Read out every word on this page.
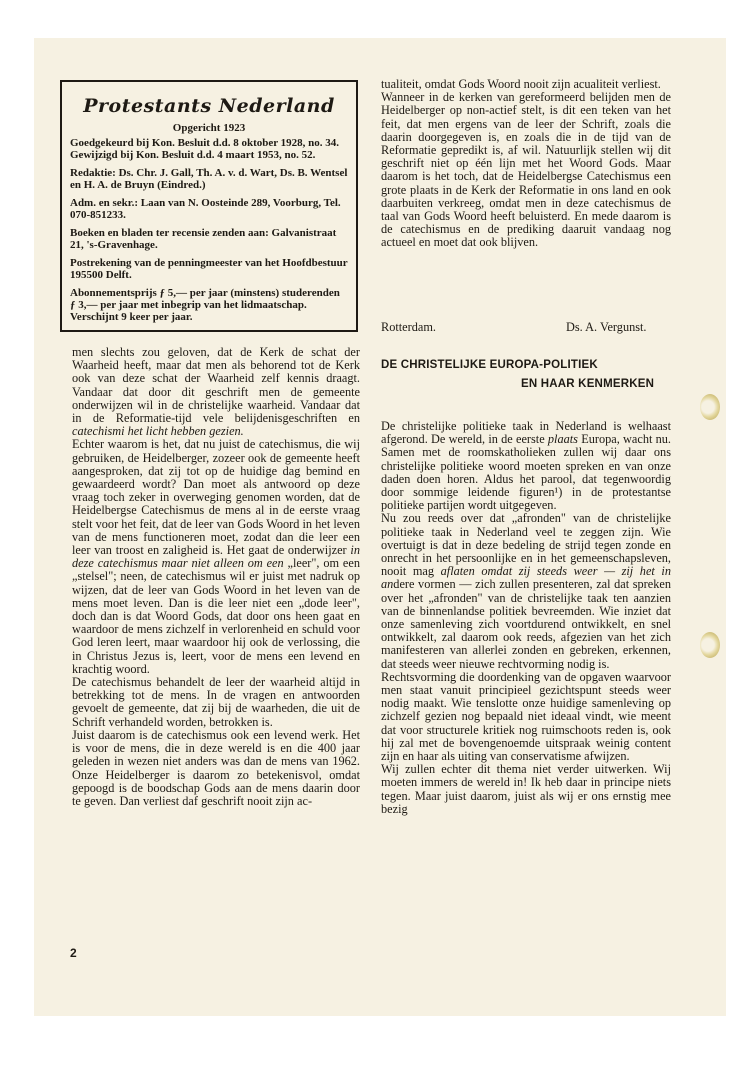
Protestants Nederland
Opgericht 1923
Goedgekeurd bij Kon. Besluit d.d. 8 oktober 1928, no. 34. Gewijzigd bij Kon. Besluit d.d. 4 maart 1953, no. 52.
Redaktie: Ds. Chr. J. Gall, Th. A. v. d. Wart, Ds. B. Wentsel en H. A. de Bruyn (Eindred.)
Adm. en sekr.: Laan van N. Oosteinde 289, Voorburg, Tel. 070-851233.
Boeken en bladen ter recensie zenden aan: Galvanistraat 21, 's-Gravenhage.
Postrekening van de penningmeester van het Hoofdbestuur 195500 Delft.
Abonnementsprijs ƒ 5,— per jaar (minstens) studerenden ƒ 3,— per jaar met inbegrip van het lidmaatschap. Verschijnt 9 keer per jaar.

men slechts zou geloven, dat de Kerk de schat der Waarheid heeft, maar dat men als behorend tot de Kerk ook van deze schat der Waarheid zelf kennis draagt. Vandaar dat door dit geschrift men de gemeente onderwijzen wil in de christelijke waarheid. Vandaar dat in de Reformatie-tijd vele belijdenisgeschriften en catechismi het licht hebben gezien.

Echter waarom is het, dat nu juist de catechismus, die wij gebruiken, de Heidelberger, zozeer ook de gemeente heeft aangesproken, dat zij tot op de huidige dag bemind en gewaardeerd wordt? Dan moet als antwoord op deze vraag toch zeker in overweging genomen worden, dat de Heidelbergse Catechismus de mens al in de eerste vraag stelt voor het feit, dat de leer van Gods Woord in het leven van de mens functioneren moet, zodat dan die leer een leer van troost en zaligheid is. Het gaat de onderwijzer in deze catechismus maar niet alleen om een „leer", om een „stelsel"; neen, de catechismus wil er juist met nadruk op wijzen, dat de leer van Gods Woord in het leven van de mens moet leven. Dan is die leer niet een „dode leer", doch dan is dat Woord Gods, dat door ons heen gaat en waardoor de mens zichzelf in verlorenheid en schuld voor God leren leert, maar waardoor hij ook de verlossing, die in Christus Jezus is, leert, voor de mens een levend en krachtig woord.

De catechismus behandelt de leer der waarheid altijd in betrekking tot de mens. In de vragen en antwoorden gevoelt de gemeente, dat zij bij de waarheden, die uit de Schrift verhandeld worden, betrokken is.

Juist daarom is de catechismus ook een levend werk. Het is voor de mens, die in deze wereld is en die 400 jaar geleden in wezen niet anders was dan de mens van 1962. Onze Heidelberger is daarom zo betekenisvol, omdat gepoogd is de boodschap Gods aan de mens daarin door te geven. Dan verliest daf geschrift nooit zijn ac-

tualiteit, omdat Gods Woord nooit zijn acualiteit verliest.

Wanneer in de kerken van gereformeerd belijden men de Heidelberger op non-actief stelt, is dit een teken van het feit, dat men ergens van de leer der Schrift, zoals die daarin doorgegeven is, en zoals die in de tijd van de Reformatie gepredikt is, af wil. Natuurlijk stellen wij dit geschrift niet op één lijn met het Woord Gods. Maar daarom is het toch, dat de Heidelbergse Catechismus een grote plaats in de Kerk der Reformatie in ons land en ook daarbuiten verkreeg, omdat men in deze catechismus de taal van Gods Woord heeft beluisterd. En mede daarom is de catechismus en de prediking daaruit vandaag nog actueel en moet dat ook blijven.

Rotterdam.	Ds. A. Vergunst.
DE CHRISTELIJKE EUROPA-POLITIEK
EN HAAR KENMERKEN

De christelijke politieke taak in Nederland is welhaast afgerond. De wereld, in de eerste plaats Europa, wacht nu. Samen met de roomskatholieken zullen wij daar ons christelijke politieke woord moeten spreken en van onze daden doen horen. Aldus het parool, dat tegenwoordig door sommige leidende figuren¹) in de protestantse politieke partijen wordt uitgegeven.

Nu zou reeds over dat „afronden" van de christelijke politieke taak in Nederland veel te zeggen zijn. Wie overtuigt is dat in deze bedeling de strijd tegen zonde en onrecht in het persoonlijke en in het gemeenschapsleven, nooit mag aflaten omdat zij steeds weer — zij het in andere vormen — zich zullen presenteren, zal dat spreken over het „afronden" van de christelijke taak ten aanzien van de binnenlandse politiek bevreemden. Wie inziet dat onze samenleving zich voortdurend ontwikkelt, en snel ontwikkelt, zal daarom ook reeds, afgezien van het zich manifesteren van allerlei zonden en gebreken, erkennen, dat steeds weer nieuwe rechtvorming nodig is.

Rechtsvorming die doordenking van de opgaven waarvoor men staat vanuit principieel gezichtspunt steeds weer nodig maakt. Wie tenslotte onze huidige samenleving op zichzelf gezien nog bepaald niet ideaal vindt, wie meent dat voor structurele kritiek nog ruimschoots reden is, ook hij zal met de bovengenoemde uitspraak weinig content zijn en haar als uiting van conservatisme afwijzen.

Wij zullen echter dit thema niet verder uitwerken. Wij moeten immers de wereld in! Ik heb daar in principe niets tegen. Maar juist daarom, juist als wij er ons ernstig mee bezig

2
